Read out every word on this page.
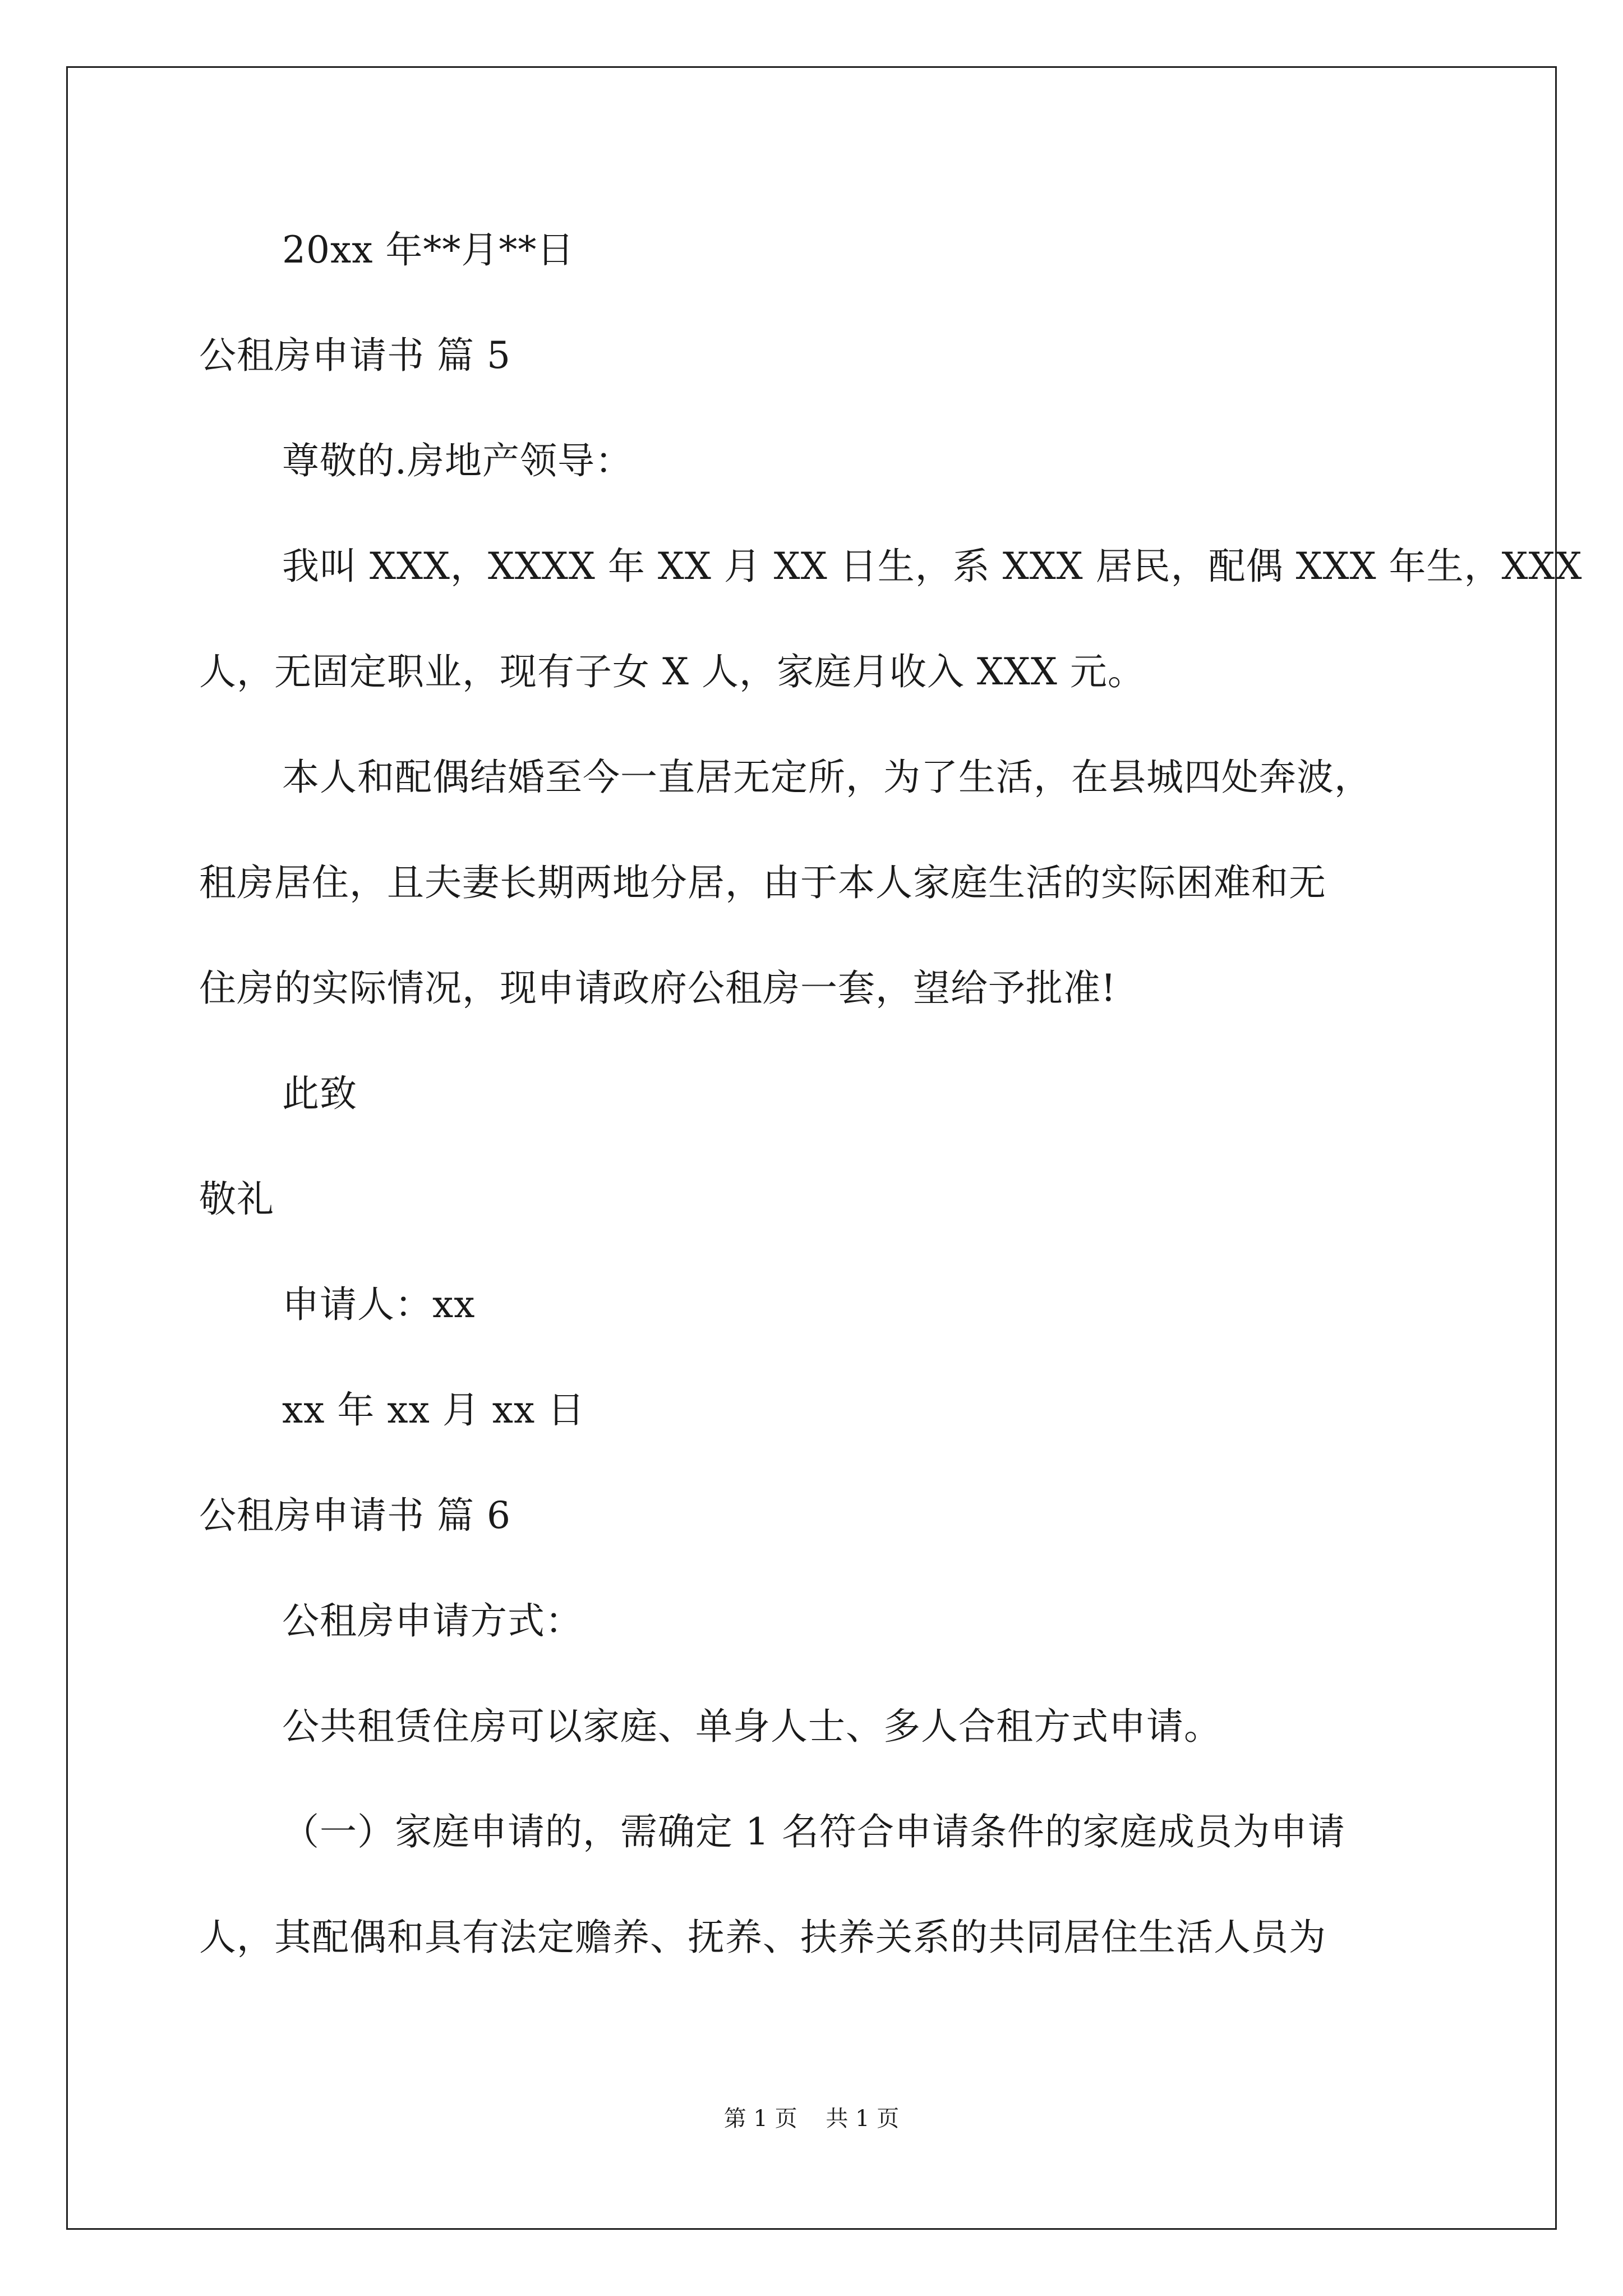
20xx 年**月**日
公租房申请书 篇 5
尊敬的.房地产领导：
我叫 XXX，XXXX 年 XX 月 XX 日生，系 XXX 居民，配偶 XXX 年生，XXX
人，无固定职业，现有子女 X 人，家庭月收入 XXX 元。
本人和配偶结婚至今一直居无定所，为了生活，在县城四处奔波，
租房居住，且夫妻长期两地分居，由于本人家庭生活的实际困难和无
住房的实际情况，现申请政府公租房一套，望给予批准!
此致
敬礼
申请人：xx
xx 年 xx 月 xx 日
公租房申请书 篇 6
公租房申请方式：
公共租赁住房可以家庭、单身人士、多人合租方式申请。
（一）家庭申请的，需确定 1 名符合申请条件的家庭成员为申请
人，其配偶和具有法定赡养、抚养、扶养关系的共同居住生活人员为
第 1 页    共 1 页
